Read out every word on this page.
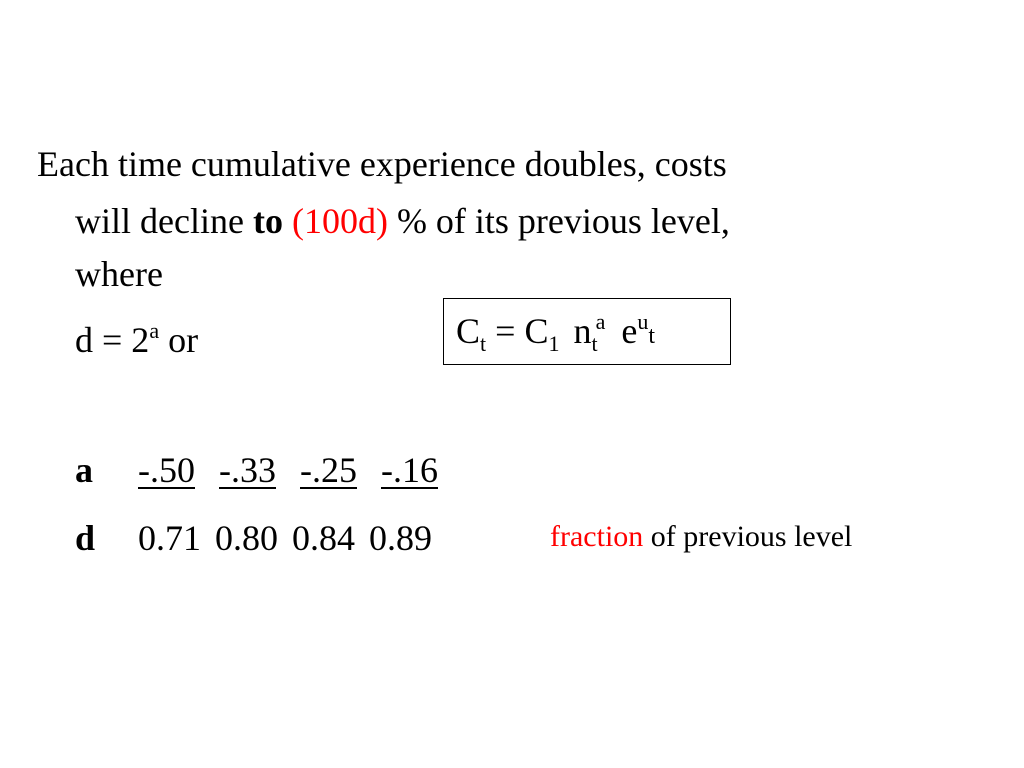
Each time cumulative experience doubles, costs
will decline to (100d) % of its previous level,
where
$d = 2^a$ or	$C_t = C_1$ $n_t^a$ $e^ut$
a -.50 -.33 -.25 -.16
d 0.71 0.80 0.84 0.89	fraction of previous level
